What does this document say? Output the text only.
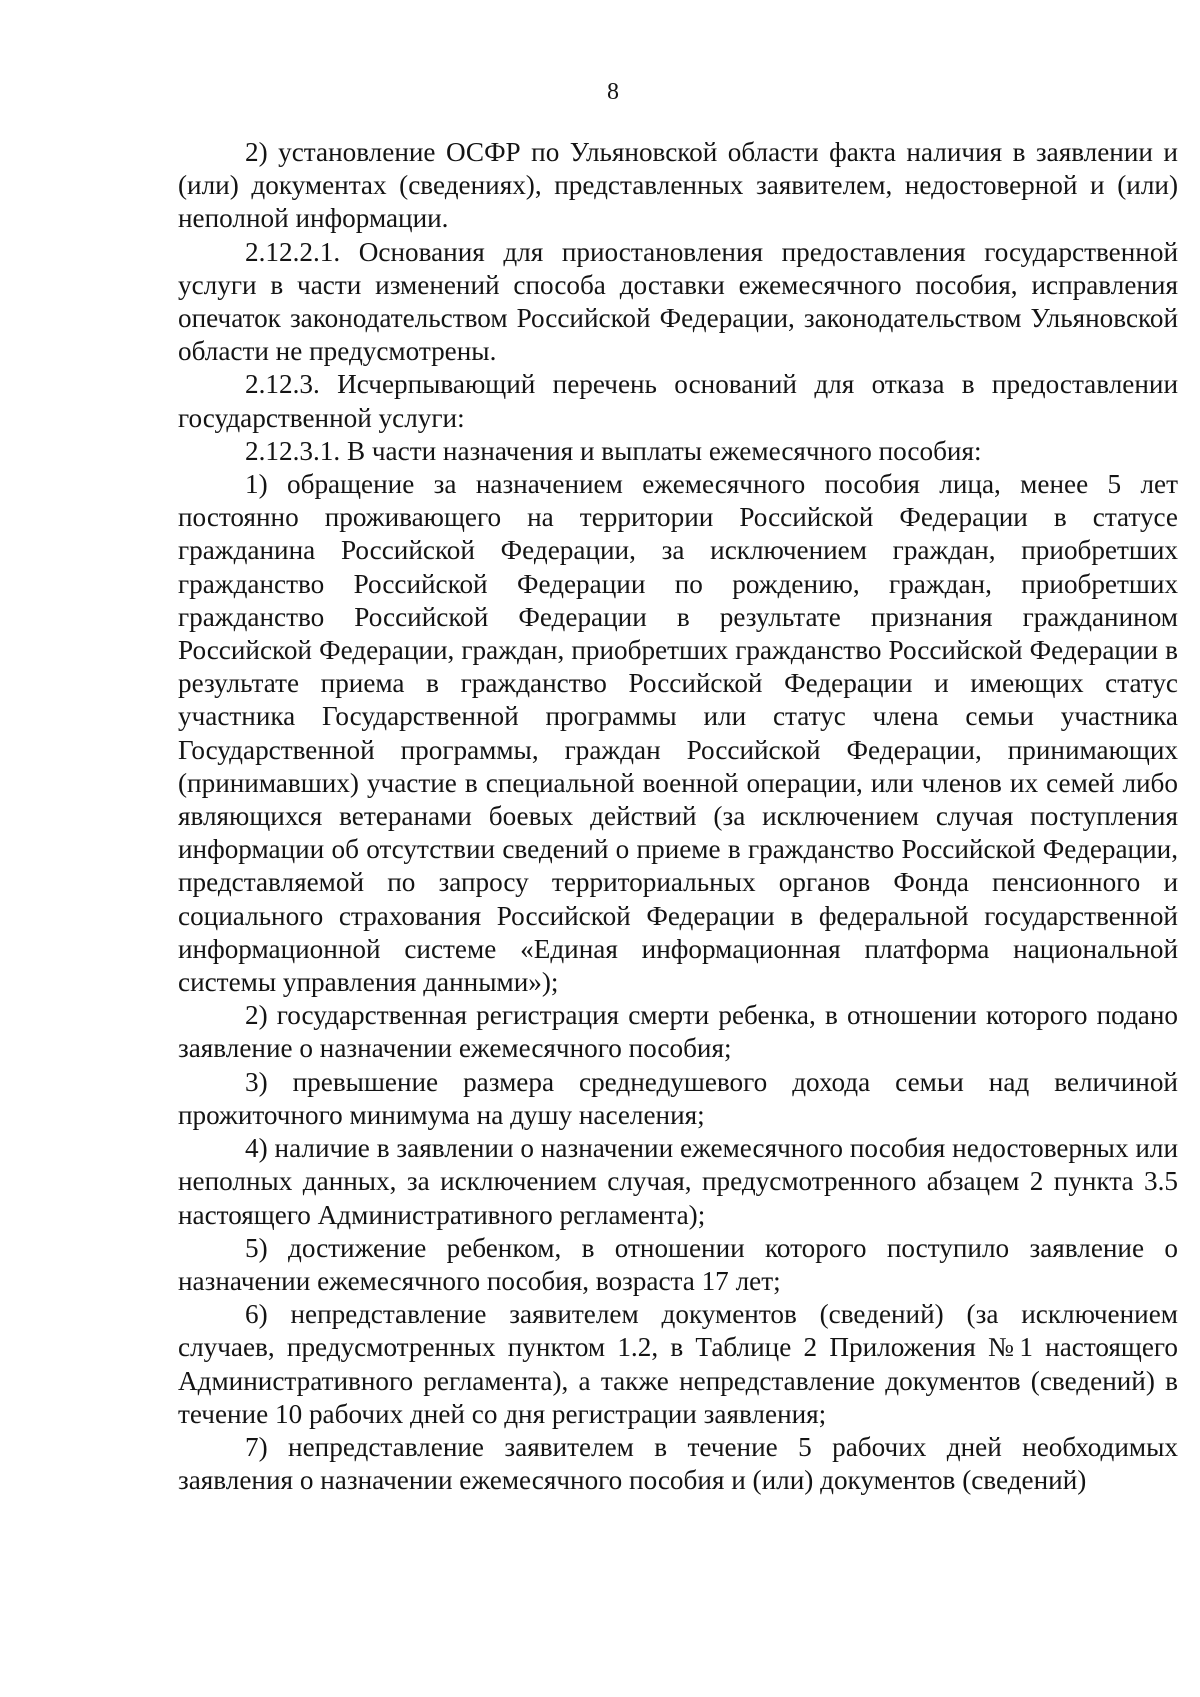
8

2) установление ОСФР по Ульяновской области факта наличия в заявлении и (или) документах (сведениях), представленных заявителем, недостоверной и (или) неполной информации.

2.12.2.1. Основания для приостановления предоставления государственной услуги в части изменений способа доставки ежемесячного пособия, исправления опечаток законодательством Российской Федерации, законодательством Ульяновской области не предусмотрены.

2.12.3. Исчерпывающий перечень оснований для отказа в предоставлении государственной услуги:

2.12.3.1. В части назначения и выплаты ежемесячного пособия:

1) обращение за назначением ежемесячного пособия лица, менее 5 лет постоянно проживающего на территории Российской Федерации в статусе гражданина Российской Федерации, за исключением граждан, приобретших гражданство Российской Федерации по рождению, граждан, приобретших гражданство Российской Федерации в результате признания гражданином Российской Федерации, граждан, приобретших гражданство Российской Федерации в результате приема в гражданство Российской Федерации и имеющих статус участника Государственной программы или статус члена семьи участника Государственной программы, граждан Российской Федерации, принимающих (принимавших) участие в специальной военной операции, или членов их семей либо являющихся ветеранами боевых действий (за исключением случая поступления информации об отсутствии сведений о приеме в гражданство Российской Федерации, представляемой по запросу территориальных органов Фонда пенсионного и социального страхования Российской Федерации в федеральной государственной информационной системе «Единая информационная платформа национальной системы управления данными»);

2) государственная регистрация смерти ребенка, в отношении которого подано заявление о назначении ежемесячного пособия;

3) превышение размера среднедушевого дохода семьи над величиной прожиточного минимума на душу населения;

4) наличие в заявлении о назначении ежемесячного пособия недостоверных или неполных данных, за исключением случая, предусмотренного абзацем 2 пункта 3.5 настоящего Административного регламента);

5) достижение ребенком, в отношении которого поступило заявление о назначении ежемесячного пособия, возраста 17 лет;

6) непредставление заявителем документов (сведений) (за исключением случаев, предусмотренных пунктом 1.2, в Таблице 2 Приложения №1 настоящего Административного регламента), а также непредставление документов (сведений) в течение 10 рабочих дней со дня регистрации заявления;

7) непредставление заявителем в течение 5 рабочих дней необходимых заявления о назначении ежемесячного пособия и (или) документов (сведений)
